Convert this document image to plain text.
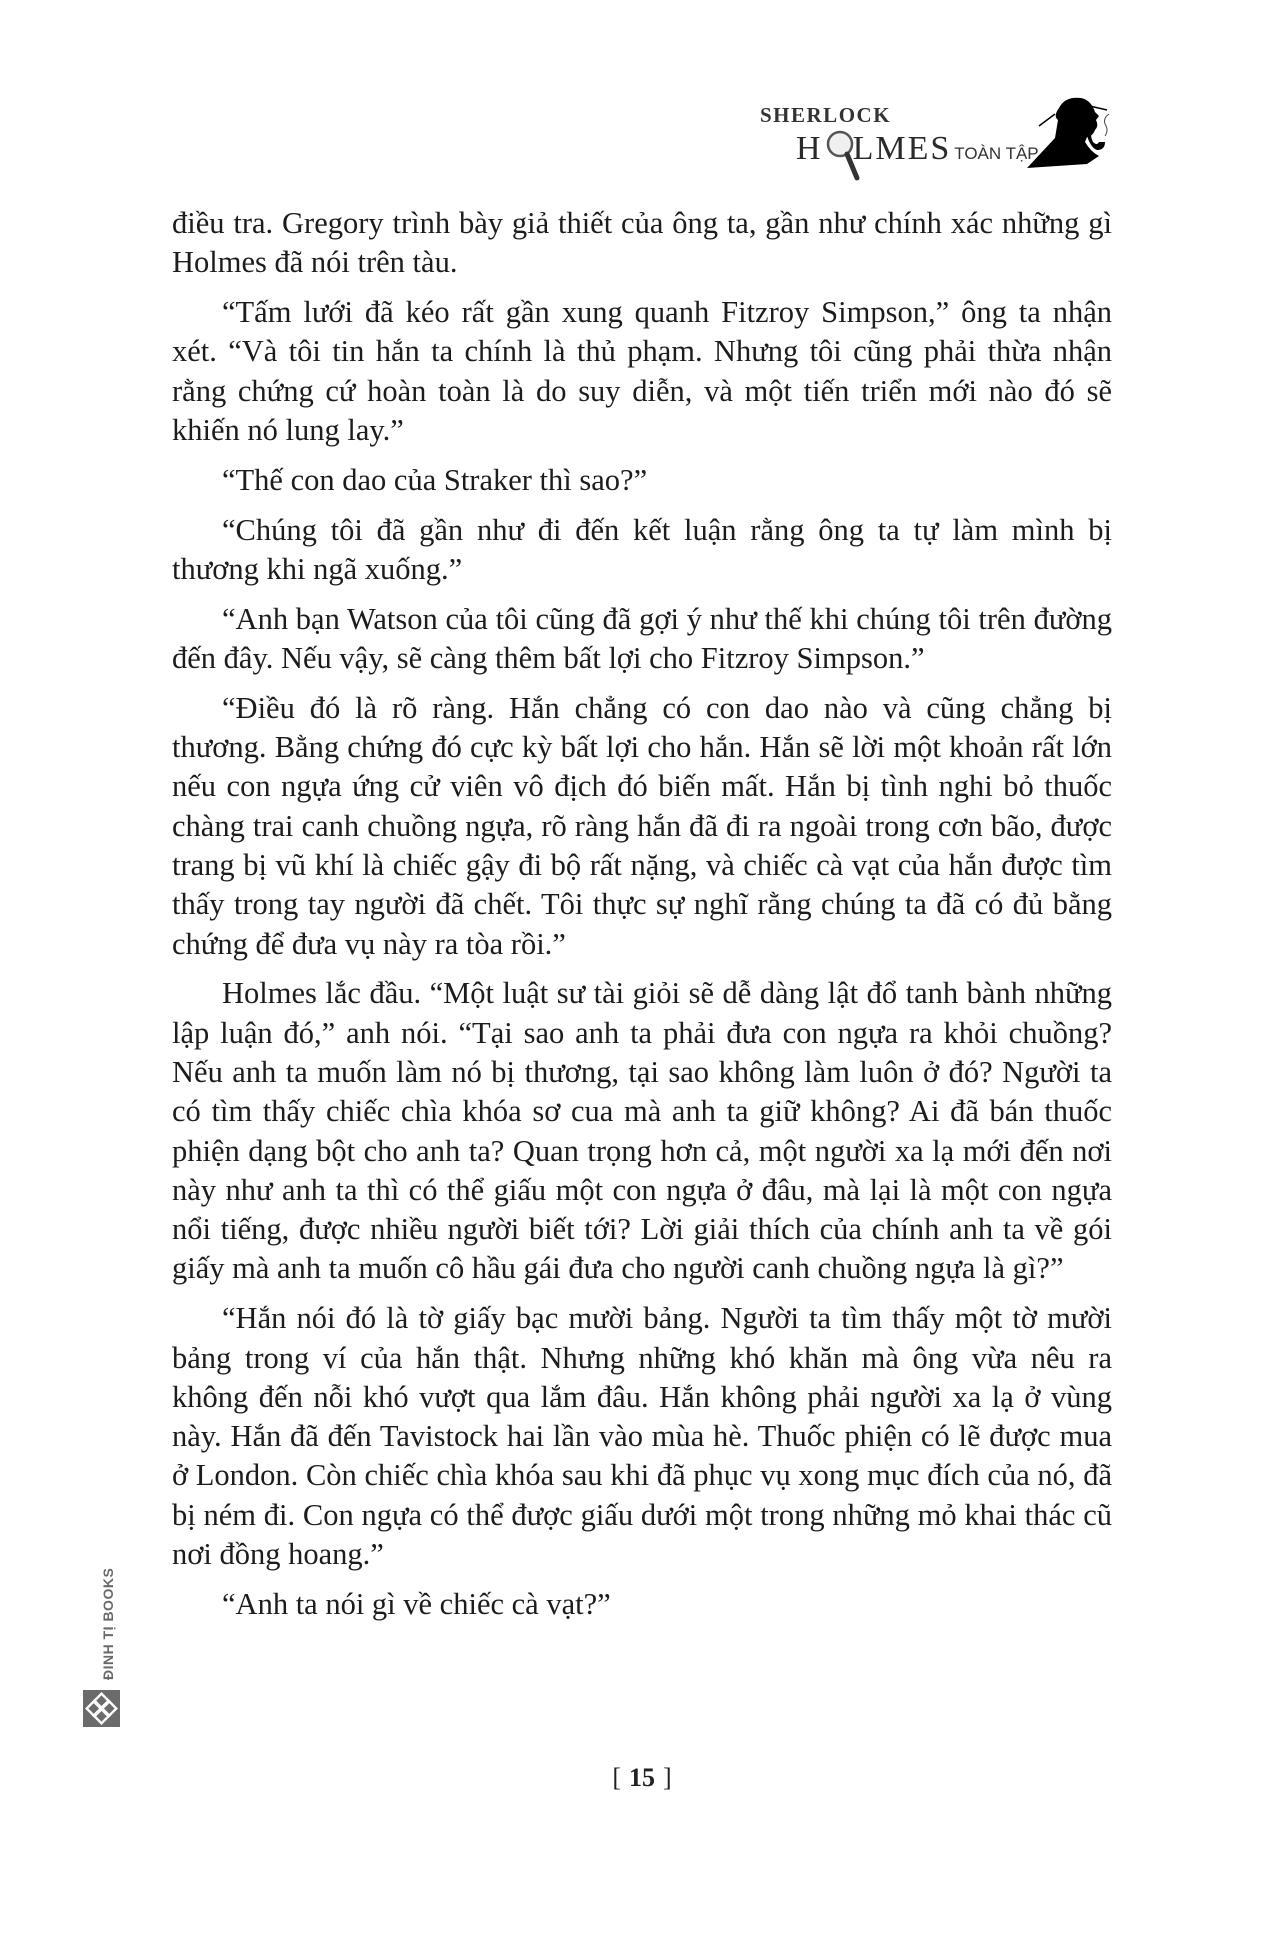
SHERLOCK
H LMES TOÀN TẬP

điều tra. Gregory trình bày giả thiết của ông ta, gần như chính xác những gì Holmes đã nói trên tàu.

“Tấm lưới đã kéo rất gần xung quanh Fitzroy Simpson,” ông ta nhận xét. “Và tôi tin hắn ta chính là thủ phạm. Nhưng tôi cũng phải thừa nhận rằng chứng cứ hoàn toàn là do suy diễn, và một tiến triển mới nào đó sẽ khiến nó lung lay.”

“Thế con dao của Straker thì sao?”

“Chúng tôi đã gần như đi đến kết luận rằng ông ta tự làm mình bị thương khi ngã xuống.”

“Anh bạn Watson của tôi cũng đã gợi ý như thế khi chúng tôi trên đường đến đây. Nếu vậy, sẽ càng thêm bất lợi cho Fitzroy Simpson.”

“Điều đó là rõ ràng. Hắn chẳng có con dao nào và cũng chẳng bị thương. Bằng chứng đó cực kỳ bất lợi cho hắn. Hắn sẽ lời một khoản rất lớn nếu con ngựa ứng cử viên vô địch đó biến mất. Hắn bị tình nghi bỏ thuốc chàng trai canh chuồng ngựa, rõ ràng hắn đã đi ra ngoài trong cơn bão, được trang bị vũ khí là chiếc gậy đi bộ rất nặng, và chiếc cà vạt của hắn được tìm thấy trong tay người đã chết. Tôi thực sự nghĩ rằng chúng ta đã có đủ bằng chứng để đưa vụ này ra tòa rồi.”

Holmes lắc đầu. “Một luật sư tài giỏi sẽ dễ dàng lật đổ tanh bành những lập luận đó,” anh nói. “Tại sao anh ta phải đưa con ngựa ra khỏi chuồng? Nếu anh ta muốn làm nó bị thương, tại sao không làm luôn ở đó? Người ta có tìm thấy chiếc chìa khóa sơ cua mà anh ta giữ không? Ai đã bán thuốc phiện dạng bột cho anh ta? Quan trọng hơn cả, một người xa lạ mới đến nơi này như anh ta thì có thể giấu một con ngựa ở đâu, mà lại là một con ngựa nổi tiếng, được nhiều người biết tới? Lời giải thích của chính anh ta về gói giấy mà anh ta muốn cô hầu gái đưa cho người canh chuồng ngựa là gì?”

“Hắn nói đó là tờ giấy bạc mười bảng. Người ta tìm thấy một tờ mười bảng trong ví của hắn thật. Nhưng những khó khăn mà ông vừa nêu ra không đến nỗi khó vượt qua lắm đâu. Hắn không phải người xa lạ ở vùng này. Hắn đã đến Tavistock hai lần vào mùa hè. Thuốc phiện có lẽ được mua ở London. Còn chiếc chìa khóa sau khi đã phục vụ xong mục đích của nó, đã bị ném đi. Con ngựa có thể được giấu dưới một trong những mỏ khai thác cũ nơi đồng hoang.”

“Anh ta nói gì về chiếc cà vạt?”

ĐINH TỊ BOOKS
[ 15 ]
